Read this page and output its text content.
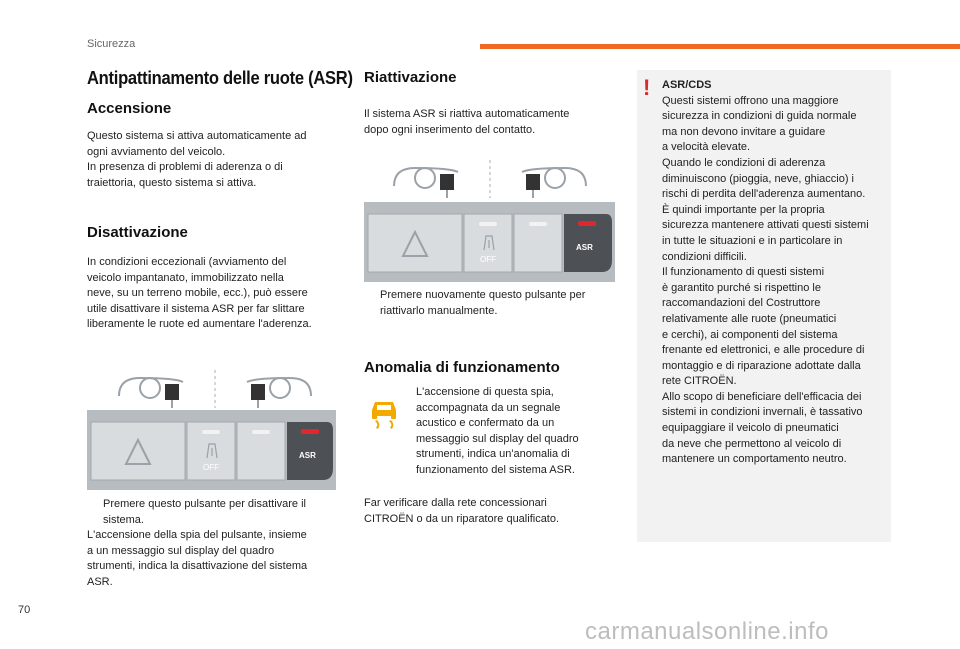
Sicurezza
Antipattinamento delle ruote (ASR)
Accensione

Questo sistema si attiva automaticamente ad

ogni avviamento del veicolo.

In presenza di problemi di aderenza o di

traiettoria, questo sistema si attiva.

Disattivazione

In condizioni eccezionali (avviamento del

veicolo impantanato, immobilizzato nella

neve, su un terreno mobile, ecc.), può essere

utile disattivare il sistema ASR per far slittare

liberamente le ruote ed aumentare l'aderenza.

ASR
OFF
Premere questo pulsante per disattivare il
sistema.

L'accensione della spia del pulsante, insieme

a un messaggio sul display del quadro

strumenti, indica la disattivazione del sistema

ASR.

Riattivazione

Il sistema ASR si riattiva automaticamente

dopo ogni inserimento del contatto.

ASR
OFF
Premere nuovamente questo pulsante per
riattivarlo manualmente.
Anomalia di funzionamento

L'accensione di questa spia,

accompagnata da un segnale

acustico e confermato da un

messaggio sul display del quadro

strumenti, indica un'anomalia di

funzionamento del sistema ASR.

Far verificare dalla rete concessionari

CITROËN o da un riparatore qualificato.

! ASR/CDS
Questi sistemi offrono una maggiore
sicurezza in condizioni di guida normale
ma non devono invitare a guidare
a velocità elevate.
Quando le condizioni di aderenza
diminuiscono (pioggia, neve, ghiaccio) i
rischi di perdita dell'aderenza aumentano.
È quindi importante per la propria
sicurezza mantenere attivati questi sistemi
in tutte le situazioni e in particolare in
condizioni difficili.
Il funzionamento di questi sistemi
è garantito purché si rispettino le
raccomandazioni del Costruttore
relativamente alle ruote (pneumatici
e cerchi), ai componenti del sistema
frenante ed elettronici, e alle procedure di
montaggio e di riparazione adottate dalla
rete CITROËN.
Allo scopo di beneficiare dell'efficacia dei
sistemi in condizioni invernali, è tassativo
equipaggiare il veicolo di pneumatici
da neve che permettono al veicolo di
mantenere un comportamento neutro.
70
carmanualsonline.info
